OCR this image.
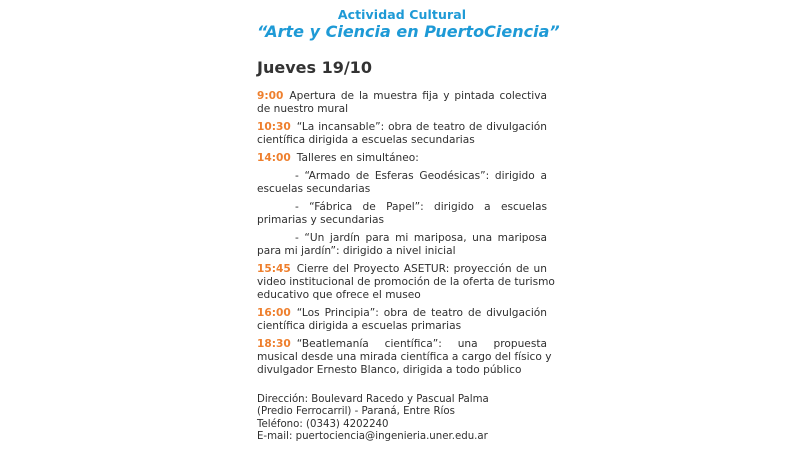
Actividad Cultural
“Arte y Ciencia en PuertoCiencia”
Jueves 19/10
9:00 Apertura de la muestra fija y pintada colectiva
de nuestro mural
10:30 “La incansable”: obra de teatro de divulgación
científica dirigida a escuelas secundarias
14:00 Talleres en simultáneo:
- “Armado de Esferas Geodésicas”: dirigido a
escuelas secundarias
- “Fábrica de Papel”: dirigido a escuelas
primarias y secundarias
- “Un jardín para mi mariposa, una mariposa
para mi jardín”: dirigido a nivel inicial
15:45 Cierre del Proyecto ASETUR: proyección de un
video institucional de promoción de la oferta de turismo
educativo que ofrece el museo
16:00 “Los Principia”: obra de teatro de divulgación
científica dirigida a escuelas primarias
18:30 “Beatlemanía científica”: una propuesta
musical desde una mirada científica a cargo del físico y
divulgador Ernesto Blanco, dirigida a todo público
Dirección: Boulevard Racedo y Pascual Palma
(Predio Ferrocarril) - Paraná, Entre Ríos
Teléfono: (0343) 4202240
E-mail: puertociencia@ingenieria.uner.edu.ar
